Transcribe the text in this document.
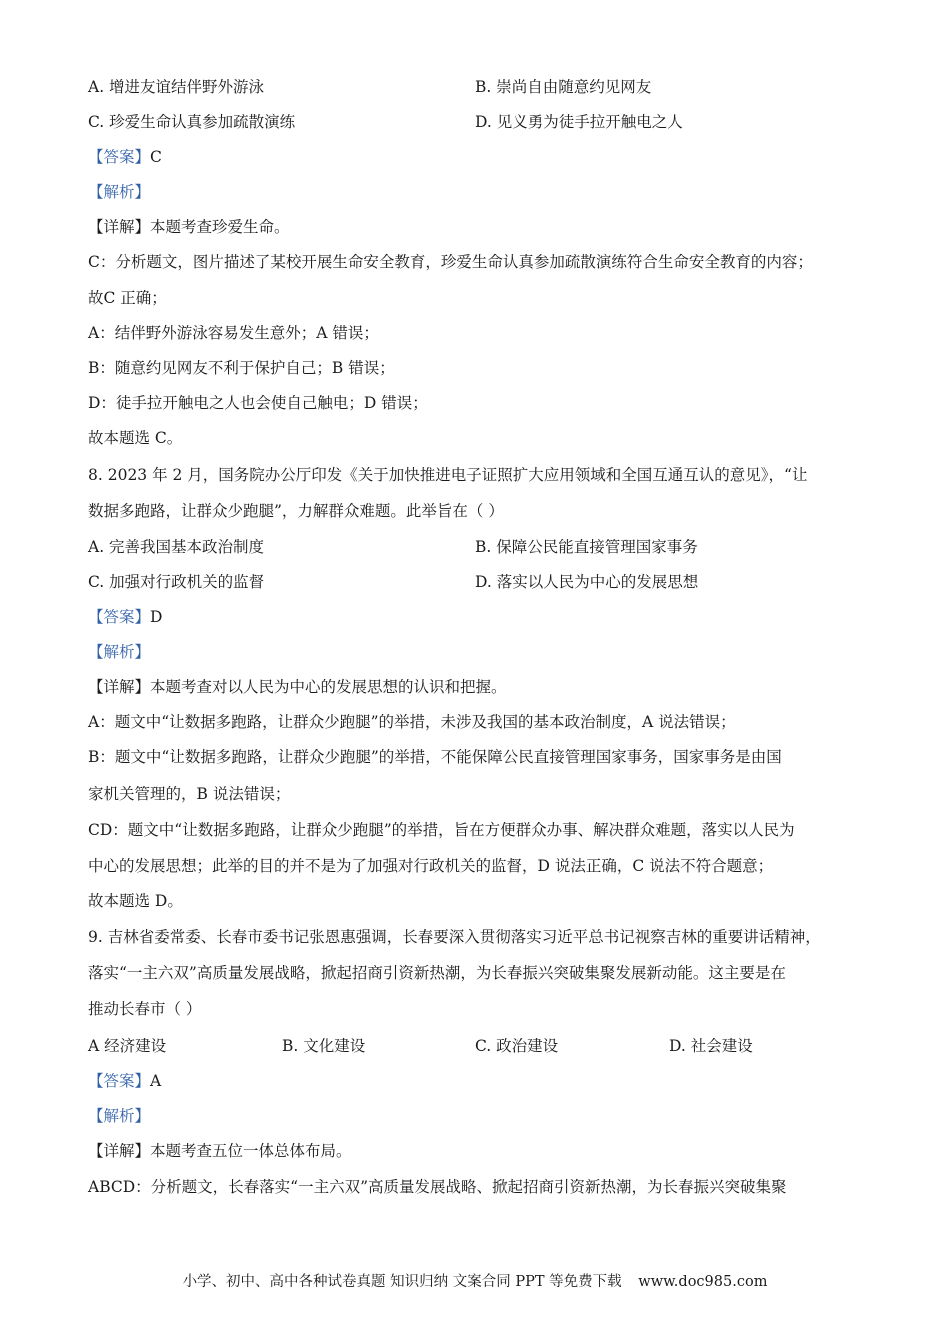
A. 增进友谊结伴野外游泳	B. 崇尚自由随意约见网友
C. 珍爱生命认真参加疏散演练	D. 见义勇为徒手拉开触电之人
【答案】C
【解析】
【详解】本题考查珍爱生命。
C：分析题文，图片描述了某校开展生命安全教育，珍爱生命认真参加疏散演练符合生命安全教育的内容；
故C 正确；
A：结伴野外游泳容易发生意外；A 错误；
B：随意约见网友不利于保护自己；B 错误；
D：徒手拉开触电之人也会使自己触电；D 错误；
故本题选 C。
8. 2023 年 2 月，国务院办公厅印发《关于加快推进电子证照扩大应用领域和全国互通互认的意见》，“让
数据多跑路，让群众少跑腿”，力解群众难题。此举旨在（ ）
A. 完善我国基本政治制度	B. 保障公民能直接管理国家事务
C. 加强对行政机关的监督	D. 落实以人民为中心的发展思想
【答案】D
【解析】
【详解】本题考查对以人民为中心的发展思想的认识和把握。
A：题文中“让数据多跑路，让群众少跑腿”的举措，未涉及我国的基本政治制度，A 说法错误；
B：题文中“让数据多跑路，让群众少跑腿”的举措，不能保障公民直接管理国家事务，国家事务是由国
家机关管理的，B 说法错误；
CD：题文中“让数据多跑路，让群众少跑腿”的举措，旨在方便群众办事、解决群众难题，落实以人民为
中心的发展思想；此举的目的并不是为了加强对行政机关的监督，D 说法正确，C 说法不符合题意；
故本题选 D。
9. 吉林省委常委、长春市委书记张恩惠强调，长春要深入贯彻落实习近平总书记视察吉林的重要讲话精神，
落实“一主六双”高质量发展战略，掀起招商引资新热潮，为长春振兴突破集聚发展新动能。这主要是在
推动长春市（ ）
A 经济建设	B. 文化建设	C. 政治建设	D. 社会建设
【答案】A
【解析】
【详解】本题考查五位一体总体布局。
ABCD：分析题文，长春落实“一主六双”高质量发展战略、掀起招商引资新热潮，为长春振兴突破集聚
小学、初中、高中各种试卷真题 知识归纳 文案合同 PPT 等免费下载 www.doc985.com
